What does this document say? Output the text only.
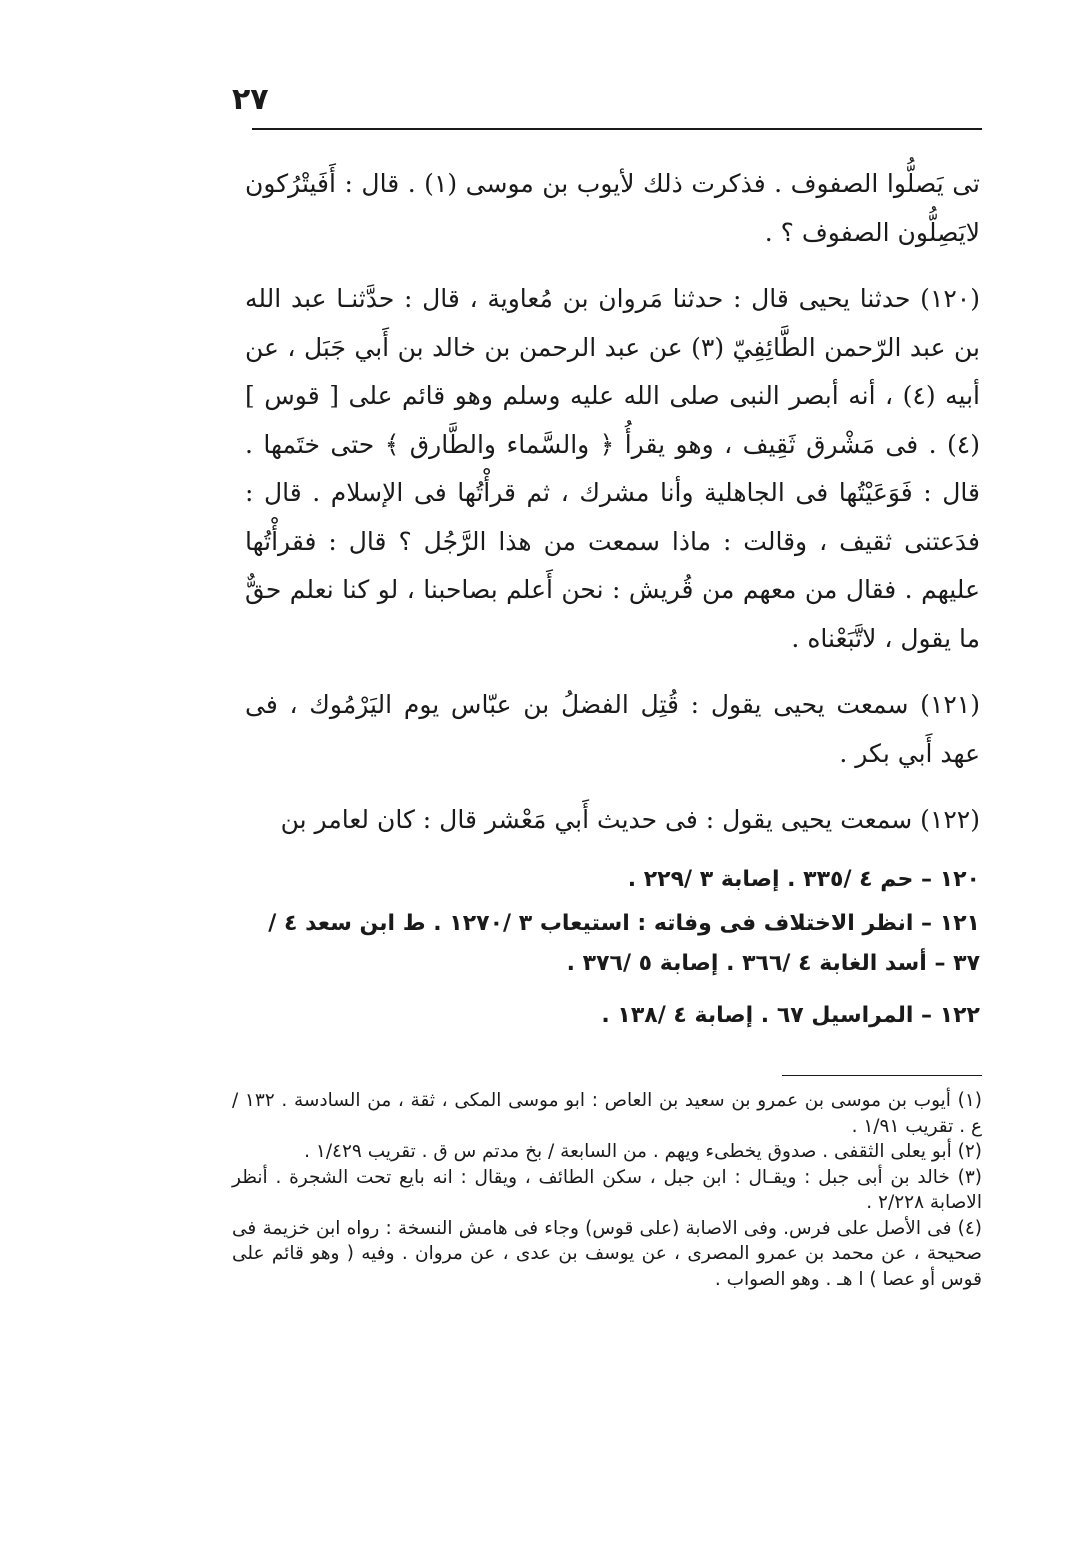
٢٧

تى يَصلُّوا الصفوف . فذكرت ذلك لأيوب بن موسى (١) . قال : أَفَيتْرُكون لايَصِلُّون الصفوف ؟ .

(١٢٠) حدثنا يحيى قال : حدثنا مَروان بن مُعاوية ، قال : حدَّثنـا عبد الله بن عبد الرّحمن الطَّائِفِيّ (٣) عن عبد الرحمن بن خالد بن أَبي جَبَل ، عن أبيه (٤) ، أنه أبصر النبى صلى الله عليه وسلم وهو قائم على [ قوس ] (٤) . فى مَشْرق ثَقِيف ، وهو يقرأُ ﴿ والسَّماء والطَّارق ﴾ حتى ختَمها . قال : فَوَعَيْتُها فى الجاهلية وأنا مشرك ، ثم قرأْتُها فى الإسلام . قال : فدَعتنى ثقيف ، وقالت : ماذا سمعت من هذا الرَّجُل ؟ قال : فقرأْتُها عليهم . فقال من معهم من قُريش : نحن أَعلم بصاحبنا ، لو كنا نعلم حقٌّ ما يقول ، لاتَّبَعْناه .

(١٢١) سمعت يحيى يقول : قُتِل الفضلُ بن عبّاس يوم اليَرْمُوك ، فى عهد أَبي بكر .

(١٢٢) سمعت يحيى يقول : فى حديث أَبي مَعْشر قال : كان لعامر بن

١٢٠ – حم ٤ /٣٣٥ . إصابة ٣ /٢٢٩ .

١٢١ – انظر الاختلاف فى وفاته : استيعاب ٣ /١٢٧٠ . ط ابن سعد ٤ /٣٧ – أسد الغابة ٤ /٣٦٦ . إصابة ٥ /٣٧٦ .

١٢٢ – المراسيل ٦٧ . إصابة ٤ /١٣٨ .

(١) أيوب بن موسى بن عمرو بن سعيد بن العاص : ابو موسى المكى ، ثقة ، من السادسة . ١٣٢ / ع . تقريب ١/٩١ .

(٢) أبو يعلى الثقفى . صدوق يخطىء ويهم . من السابعة / بخ مدتم س ق . تقريب ١/٤٢٩ .

(٣) خالد بن أبى جبل : ويقـال : ابن جبل ، سكن الطائف ، ويقال : انه بايع تحت الشجرة . أنظر الاصابة ٢/٢٢٨ .

(٤) فى الأصل على فرس. وفى الاصابة (على قوس) وجاء فى هامش النسخة : رواه ابن خزيمة فى صحيحة ، عن محمد بن عمرو المصرى ، عن يوسف بن عدى ، عن مروان . وفيه ( وهو قائم على قوس أو عصا ) ا هـ . وهو الصواب .
